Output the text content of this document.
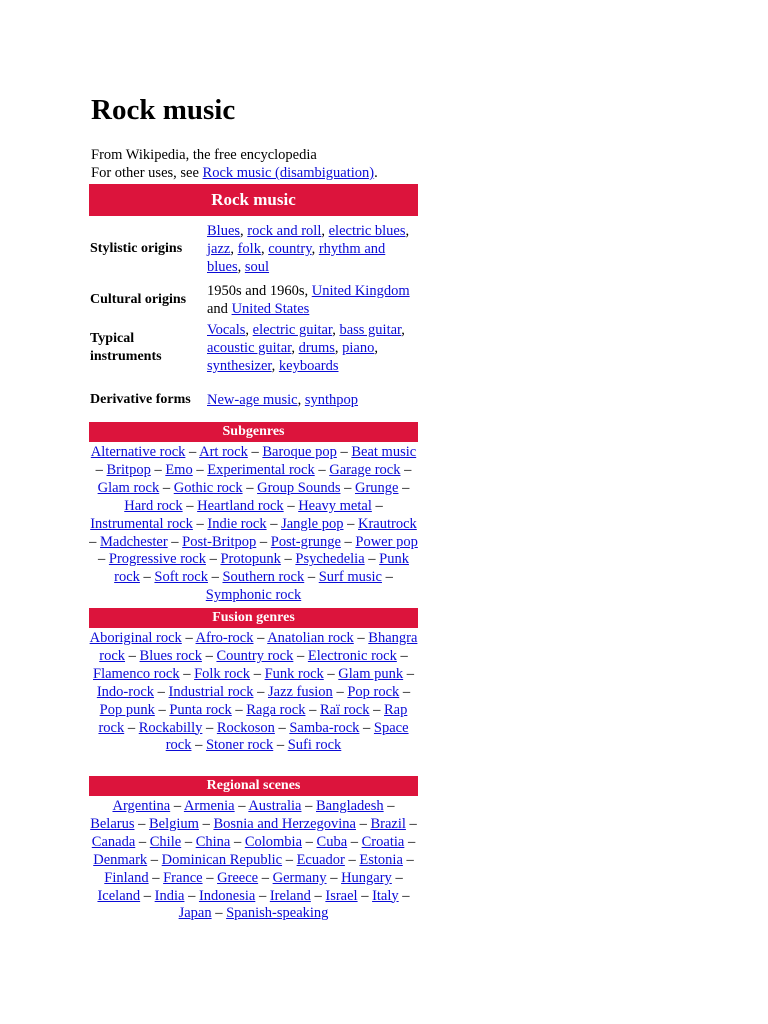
Rock music
From Wikipedia, the free encyclopedia
For other uses, see Rock music (disambiguation).
Rock music
Stylistic origins
Blues, rock and roll, electric blues, jazz, folk, country, rhythm and blues, soul
Cultural origins
1950s and 1960s, United Kingdom and United States
Typical instruments
Vocals, electric guitar, bass guitar, acoustic guitar, drums, piano, synthesizer, keyboards
Derivative forms	New-age music, synthpop
Subgenres
Alternative rock – Art rock – Baroque pop – Beat music – Britpop – Emo – Experimental rock – Garage rock – Glam rock – Gothic rock – Group Sounds – Grunge – Hard rock – Heartland rock – Heavy metal – Instrumental rock – Indie rock – Jangle pop – Krautrock – Madchester – Post-Britpop – Post-grunge – Power pop – Progressive rock – Protopunk – Psychedelia – Punk rock – Soft rock – Southern rock – Surf music – Symphonic rock
Fusion genres
Aboriginal rock – Afro-rock – Anatolian rock – Bhangra rock – Blues rock – Country rock – Electronic rock – Flamenco rock – Folk rock – Funk rock – Glam punk – Indo-rock – Industrial rock – Jazz fusion – Pop rock – Pop punk – Punta rock – Raga rock – Raï rock – Rap rock – Rockabilly – Rockoson – Samba-rock – Space rock – Stoner rock – Sufi rock
Regional scenes
Argentina – Armenia – Australia – Bangladesh – Belarus – Belgium – Bosnia and Herzegovina – Brazil – Canada – Chile – China – Colombia – Cuba – Croatia – Denmark – Dominican Republic – Ecuador – Estonia – Finland – France – Greece – Germany – Hungary – Iceland – India – Indonesia – Ireland – Israel – Italy – Japan – Spanish-speaking
